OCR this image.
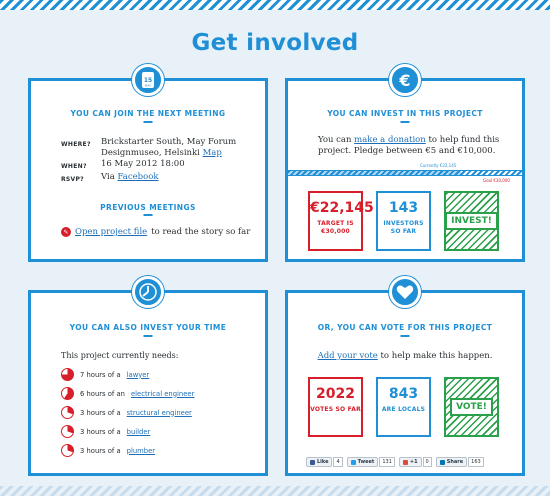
Get involved
15
MAY
YOU CAN JOIN THE NEXT MEETING
WHERE?	Brickstarter South, May Forum Designmuseo, Helsinki Map
WHEN?	16 May 2012 18:00
RSVP?	Via Facebook
PREVIOUS MEETINGS
✎ Open project file to read the story so far
€
YOU CAN INVEST IN THIS PROJECT

You can make a donation to help fund this project. Pledge between €5 and €10,000.

Currently €22,145
Goal €30,000
€22,145
TARGET IS €30,000
143
INVESTORS SO FAR
INVEST!
YOU CAN ALSO INVEST YOUR TIME

This project currently needs:

7 hours of a lawyer
6 hours of an electrical engineer
3 hours of a structural engineer
3 hours of a builder
3 hours of a plumber
OR, YOU CAN VOTE FOR THIS PROJECT

Add your vote to help make this happen.

2022
VOTES SO FAR
843
ARE LOCALS	VOTE!
Like	4	Tweet	131	+1	0	Share	163
